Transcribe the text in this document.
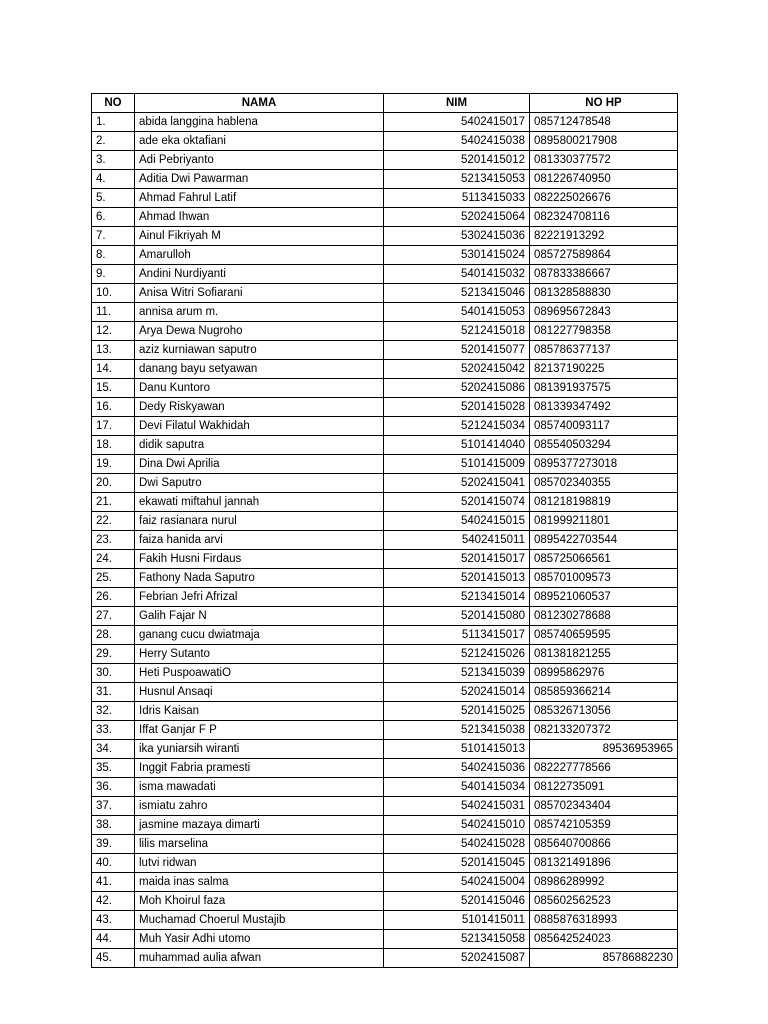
NO	NAMA	NIM	NO HP
1.	abida langgina hablena	5402415017	085712478548
2.	ade eka oktafiani	5402415038	0895800217908
3.	Adi Pebriyanto	5201415012	081330377572
4.	Aditia Dwi Pawarman	5213415053	081226740950
5.	Ahmad Fahrul Latif	5113415033	082225026676
6.	Ahmad Ihwan	5202415064	082324708116
7.	Ainul Fikriyah M	5302415036	82221913292
8.	Amarulloh	5301415024	085727589864
9.	Andini Nurdiyanti	5401415032	087833386667
10.	Anisa Witri Sofiarani	5213415046	081328588830
11.	annisa arum m.	5401415053	089695672843
12.	Arya Dewa Nugroho	5212415018	081227798358
13.	aziz kurniawan saputro	5201415077	085786377137
14.	danang bayu setyawan	5202415042	82137190225
15.	Danu Kuntoro	5202415086	081391937575
16.	Dedy Riskyawan	5201415028	081339347492
17.	Devi Filatul Wakhidah	5212415034	085740093117
18.	didik saputra	5101414040	085540503294
19.	Dina Dwi Aprilia	5101415009	0895377273018
20.	Dwi Saputro	5202415041	085702340355
21.	ekawati miftahul jannah	5201415074	081218198819
22.	faiz rasianara nurul	5402415015	081999211801
23.	faiza hanida arvi	5402415011	0895422703544
24.	Fakih Husni Firdaus	5201415017	085725066561
25.	Fathony Nada Saputro	5201415013	085701009573
26.	Febrian Jefri Afrizal	5213415014	089521060537
27.	Galih Fajar N	5201415080	081230278688
28.	ganang cucu dwiatmaja	5113415017	085740659595
29.	Herry Sutanto	5212415026	081381821255
30.	Heti PuspoawatiO	5213415039	08995862976
31.	Husnul Ansaqi	5202415014	085859366214
32.	Idris Kaisan	5201415025	085326713056
33.	Iffat Ganjar F P	5213415038	082133207372
34.	ika yuniarsih wiranti	5101415013	89536953965
35.	Inggit Fabria pramesti	5402415036	082227778566
36.	isma mawadati	5401415034	08122735091
37.	ismiatu zahro	5402415031	085702343404
38.	jasmine mazaya dimarti	5402415010	085742105359
39.	lilis marselina	5402415028	085640700866
40.	lutvi ridwan	5201415045	081321491896
41.	maida inas salma	5402415004	08986289992
42.	Moh Khoirul faza	5201415046	085602562523
43.	Muchamad Choerul Mustajib	5101415011	0885876318993
44.	Muh Yasir Adhi utomo	5213415058	085642524023
45.	muhammad aulia afwan	5202415087	85786882230
